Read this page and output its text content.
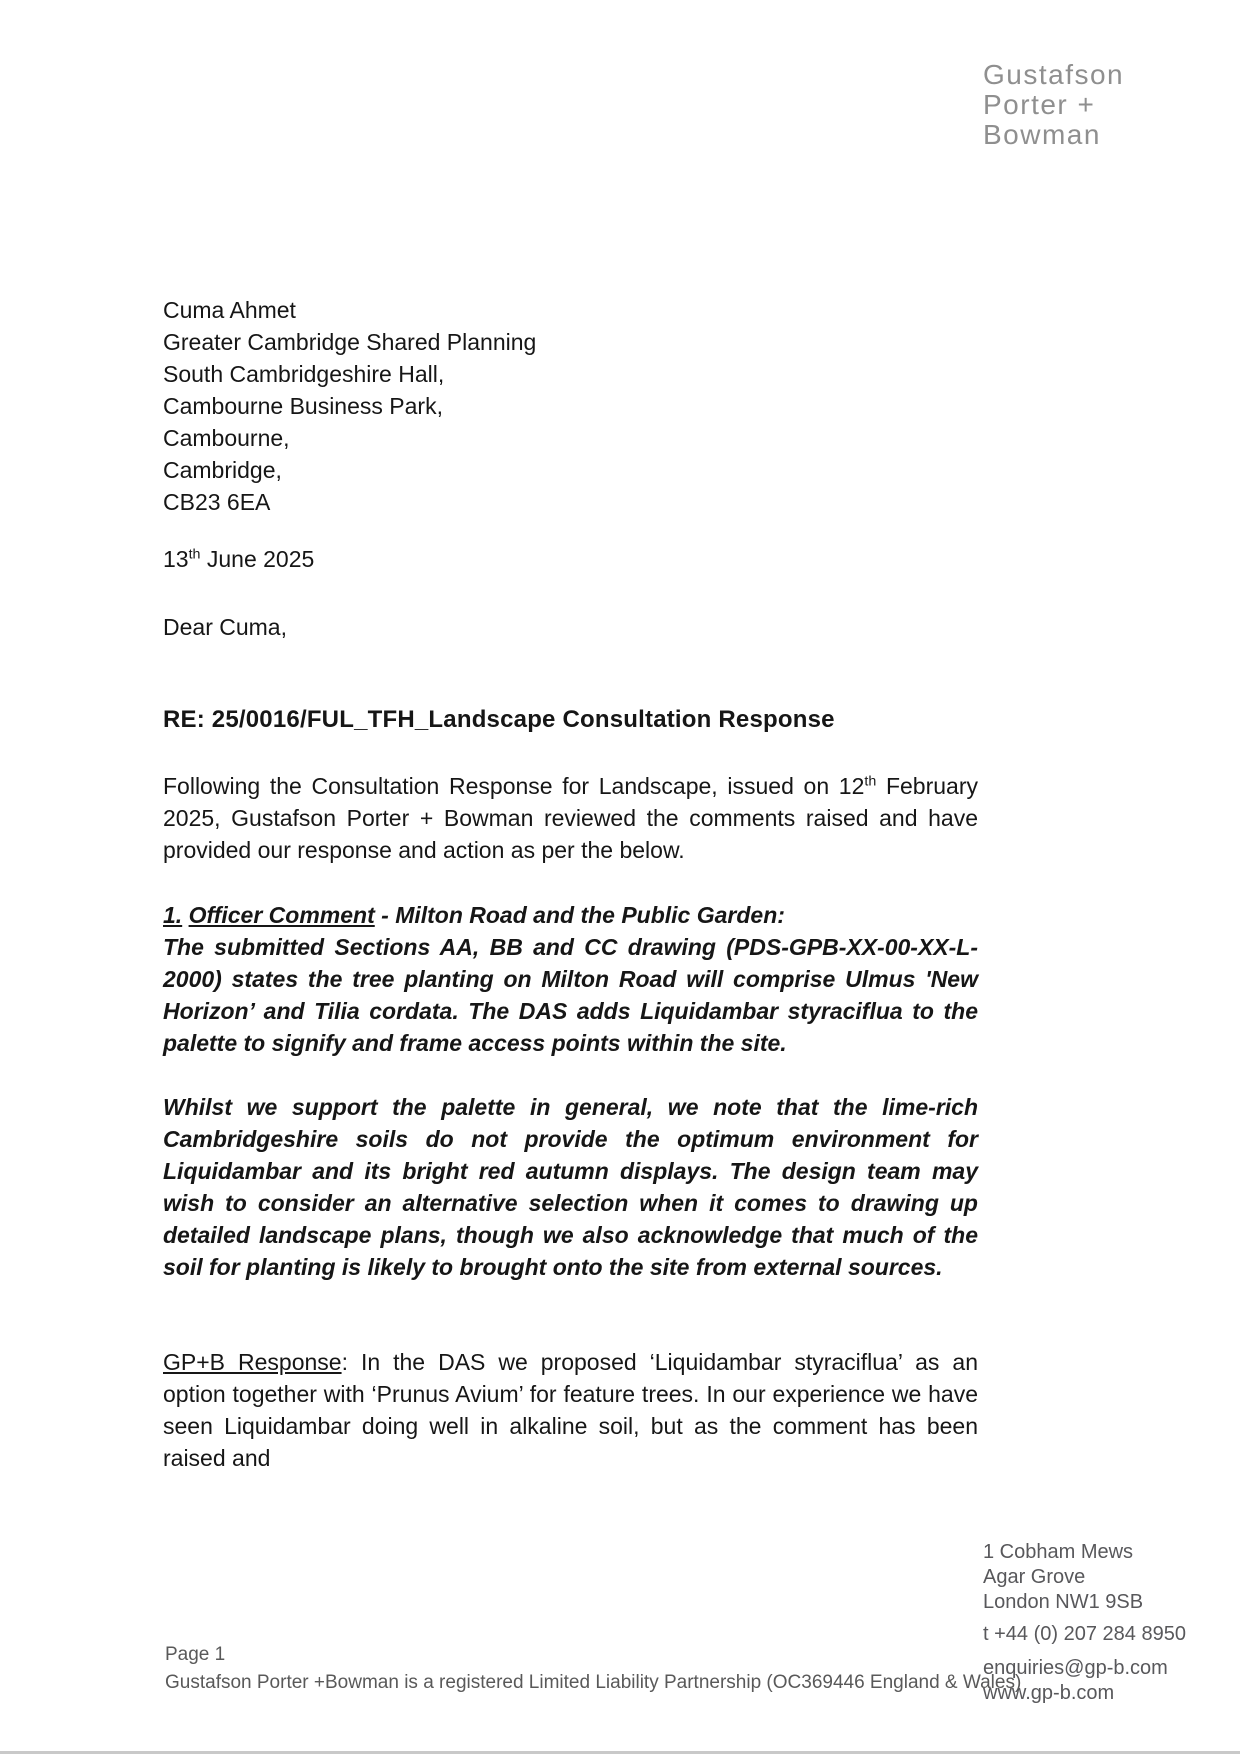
Gustafson
Porter +
Bowman
Cuma Ahmet
Greater Cambridge Shared Planning
South Cambridgeshire Hall,
Cambourne Business Park,
Cambourne,
Cambridge,
CB23 6EA
13th June 2025
Dear Cuma,
RE: 25/0016/FUL_TFH_Landscape Consultation Response

Following the Consultation Response for Landscape, issued on 12th February 2025, Gustafson Porter + Bowman reviewed the comments raised and have provided our response and action as per the below.

1. Officer Comment - Milton Road and the Public Garden:

The submitted Sections AA, BB and CC drawing (PDS-GPB-XX-00-XX-L-2000) states the tree planting on Milton Road will comprise Ulmus 'New Horizon’ and Tilia cordata. The DAS adds Liquidambar styraciflua to the palette to signify and frame access points within the site.

Whilst we support the palette in general, we note that the lime-rich Cambridgeshire soils do not provide the optimum environment for Liquidambar and its bright red autumn displays. The design team may wish to consider an alternative selection when it comes to drawing up detailed landscape plans, though we also acknowledge that much of the soil for planting is likely to brought onto the site from external sources.

GP+B Response: In the DAS we proposed ‘Liquidambar styraciflua’ as an option together with ‘Prunus Avium’ for feature trees. In our experience we have seen Liquidambar doing well in alkaline soil, but as the comment has been raised and

1 Cobham Mews
Agar Grove
London NW1 9SB
t +44 (0) 207 284 8950
enquiries@gp-b.com
www.gp-b.com
Page 1
Gustafson Porter +Bowman is a registered Limited Liability Partnership (OC369446 England & Wales)
